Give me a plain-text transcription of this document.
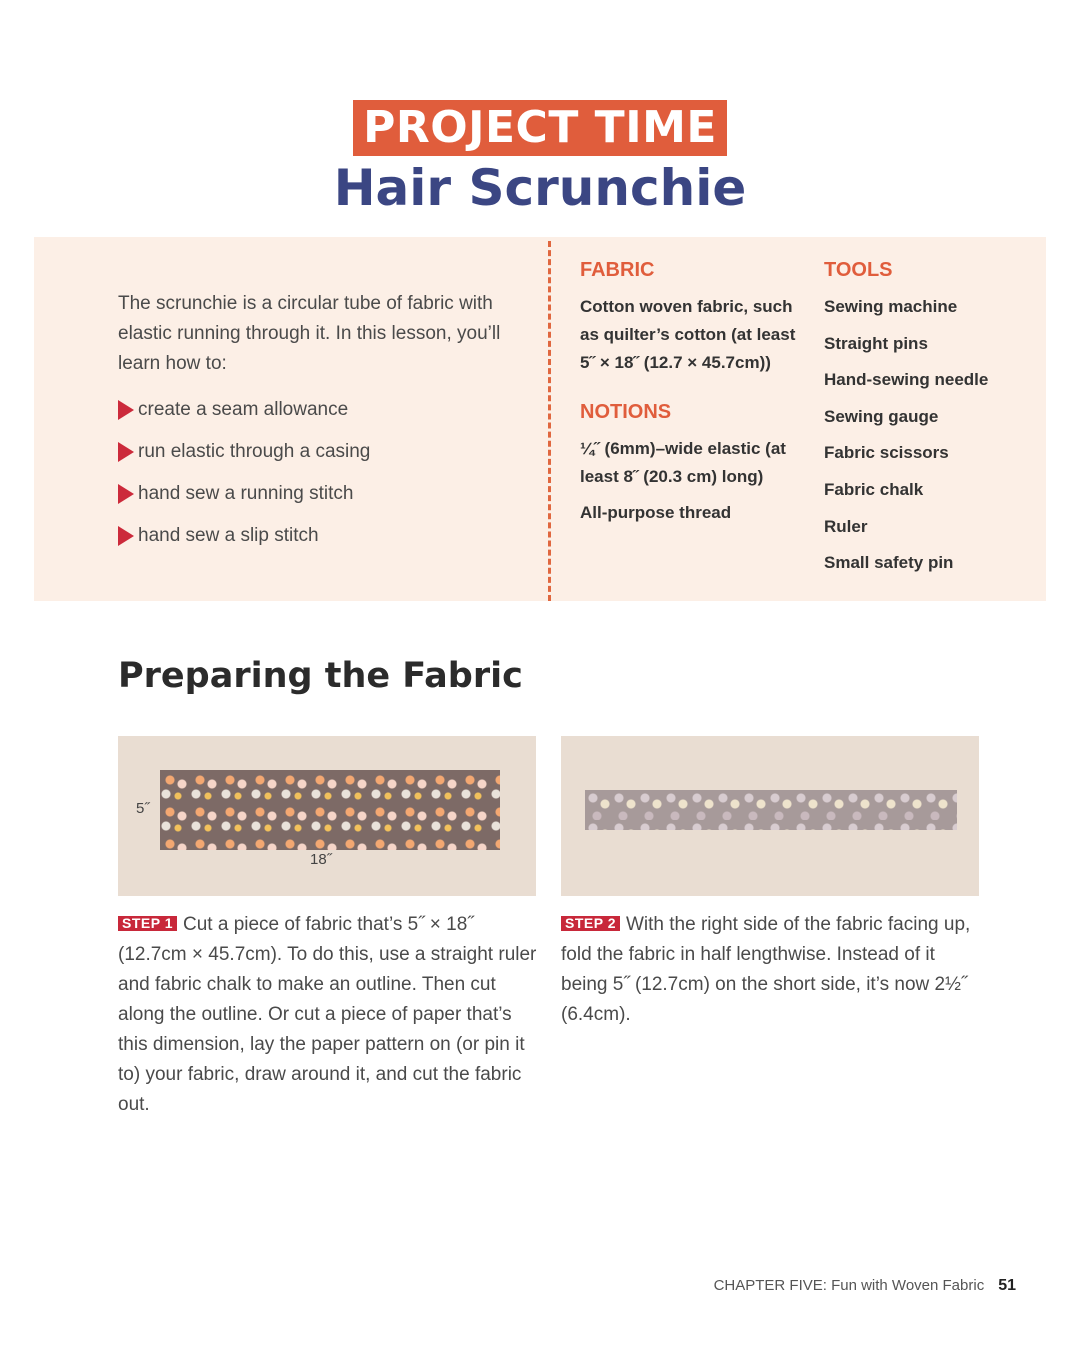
PROJECT TIME
Hair Scrunchie

The scrunchie is a circular tube of fabric with elastic running through it. In this lesson, you’ll learn how to:

create a seam allowance
run elastic through a casing
hand sew a running stitch
hand sew a slip stitch
FABRIC
Cotton woven fabric, such as quilter’s cotton (at least 5˝ × 18˝ (12.7 × 45.7cm))
NOTIONS
¼˝ (6mm)–wide elastic (at least 8˝ (20.3 cm) long)
All-purpose thread
TOOLS
Sewing machine
Straight pins
Hand-sewing needle
Sewing gauge
Fabric scissors
Fabric chalk
Ruler
Small safety pin
Preparing the Fabric
5˝
18˝
STEP 1 Cut a piece of fabric that’s 5˝ × 18˝ (12.7cm × 45.7cm). To do this, use a straight ruler and fabric chalk to make an outline. Then cut along the outline. Or cut a piece of paper that’s this dimension, lay the paper pattern on (or pin it to) your fabric, draw around it, and cut the fabric out.
STEP 2 With the right side of the fabric facing up, fold the fabric in half lengthwise. Instead of it being 5˝ (12.7cm) on the short side, it’s now 2½˝ (6.4cm).
CHAPTER FIVE: Fun with Woven Fabric 51
